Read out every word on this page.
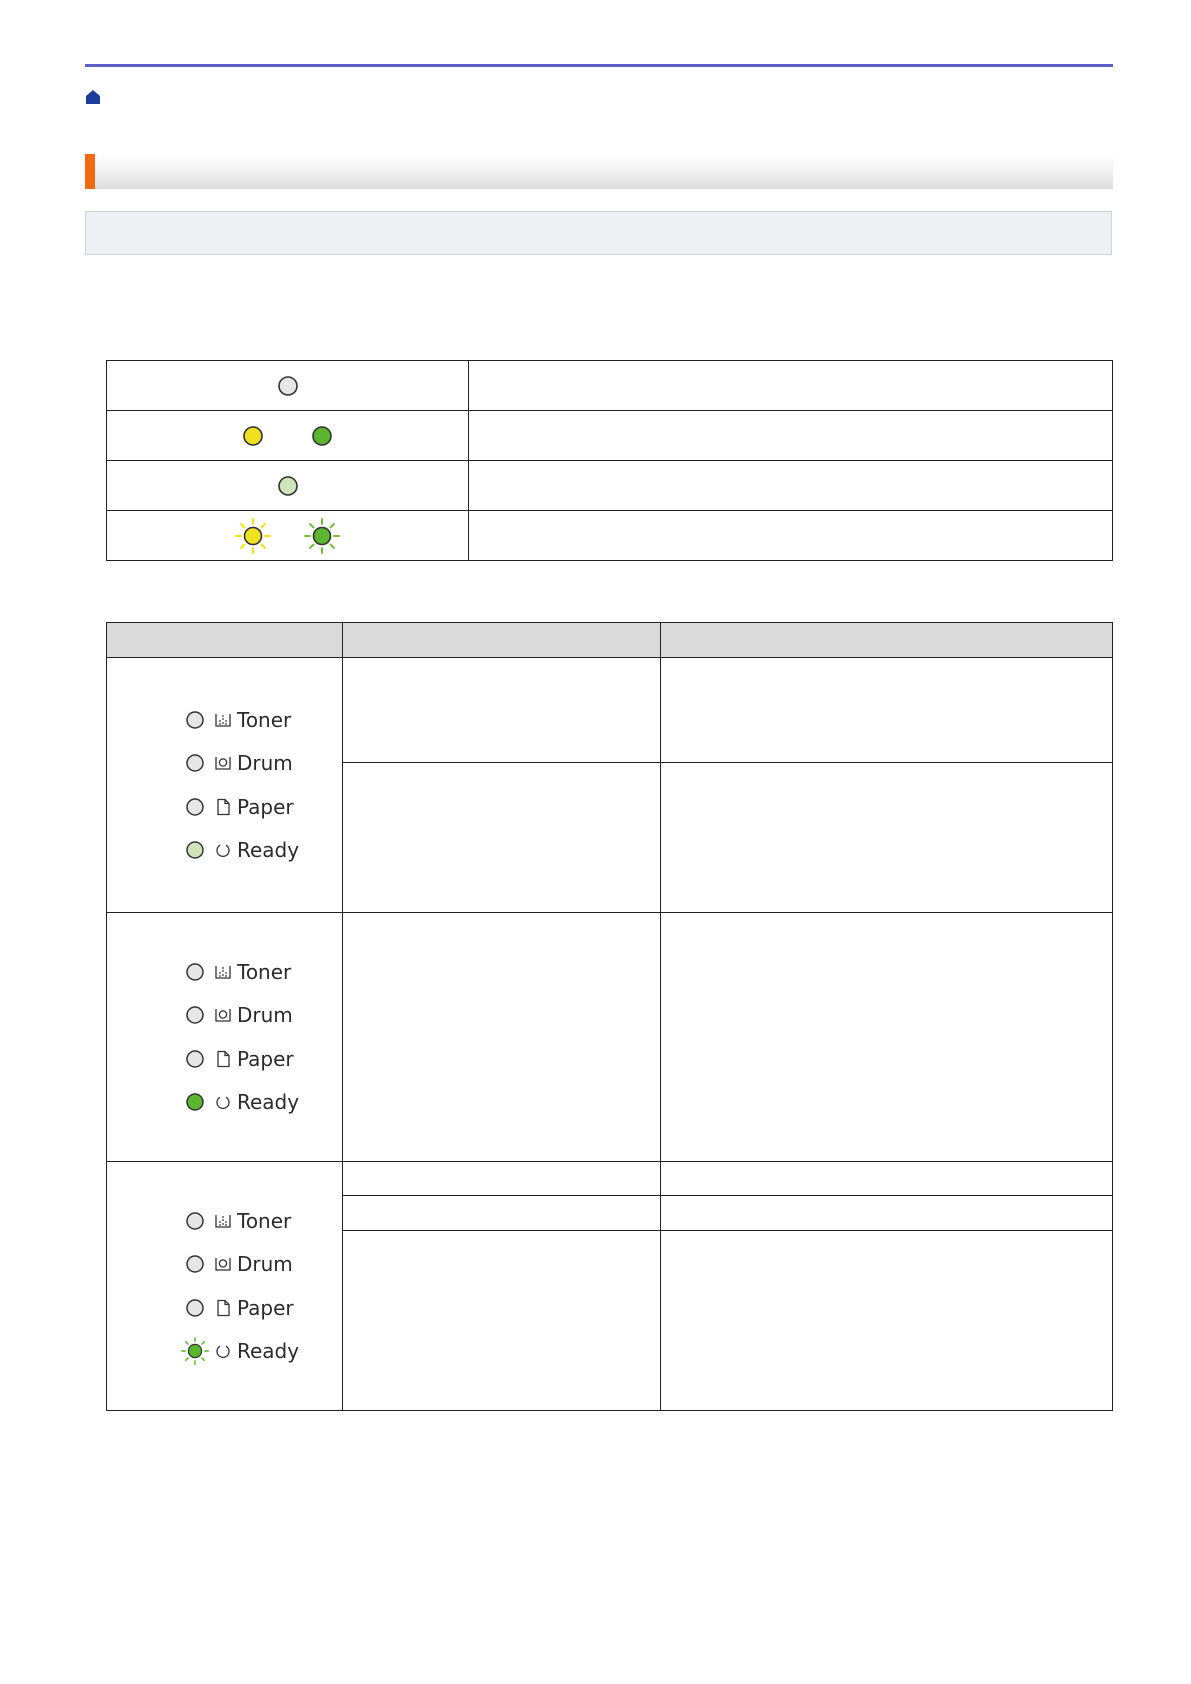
Toner
Drum
Paper
Ready		

Toner
Drum
Paper
Ready		

Toner
Drum
Paper
Ready		
